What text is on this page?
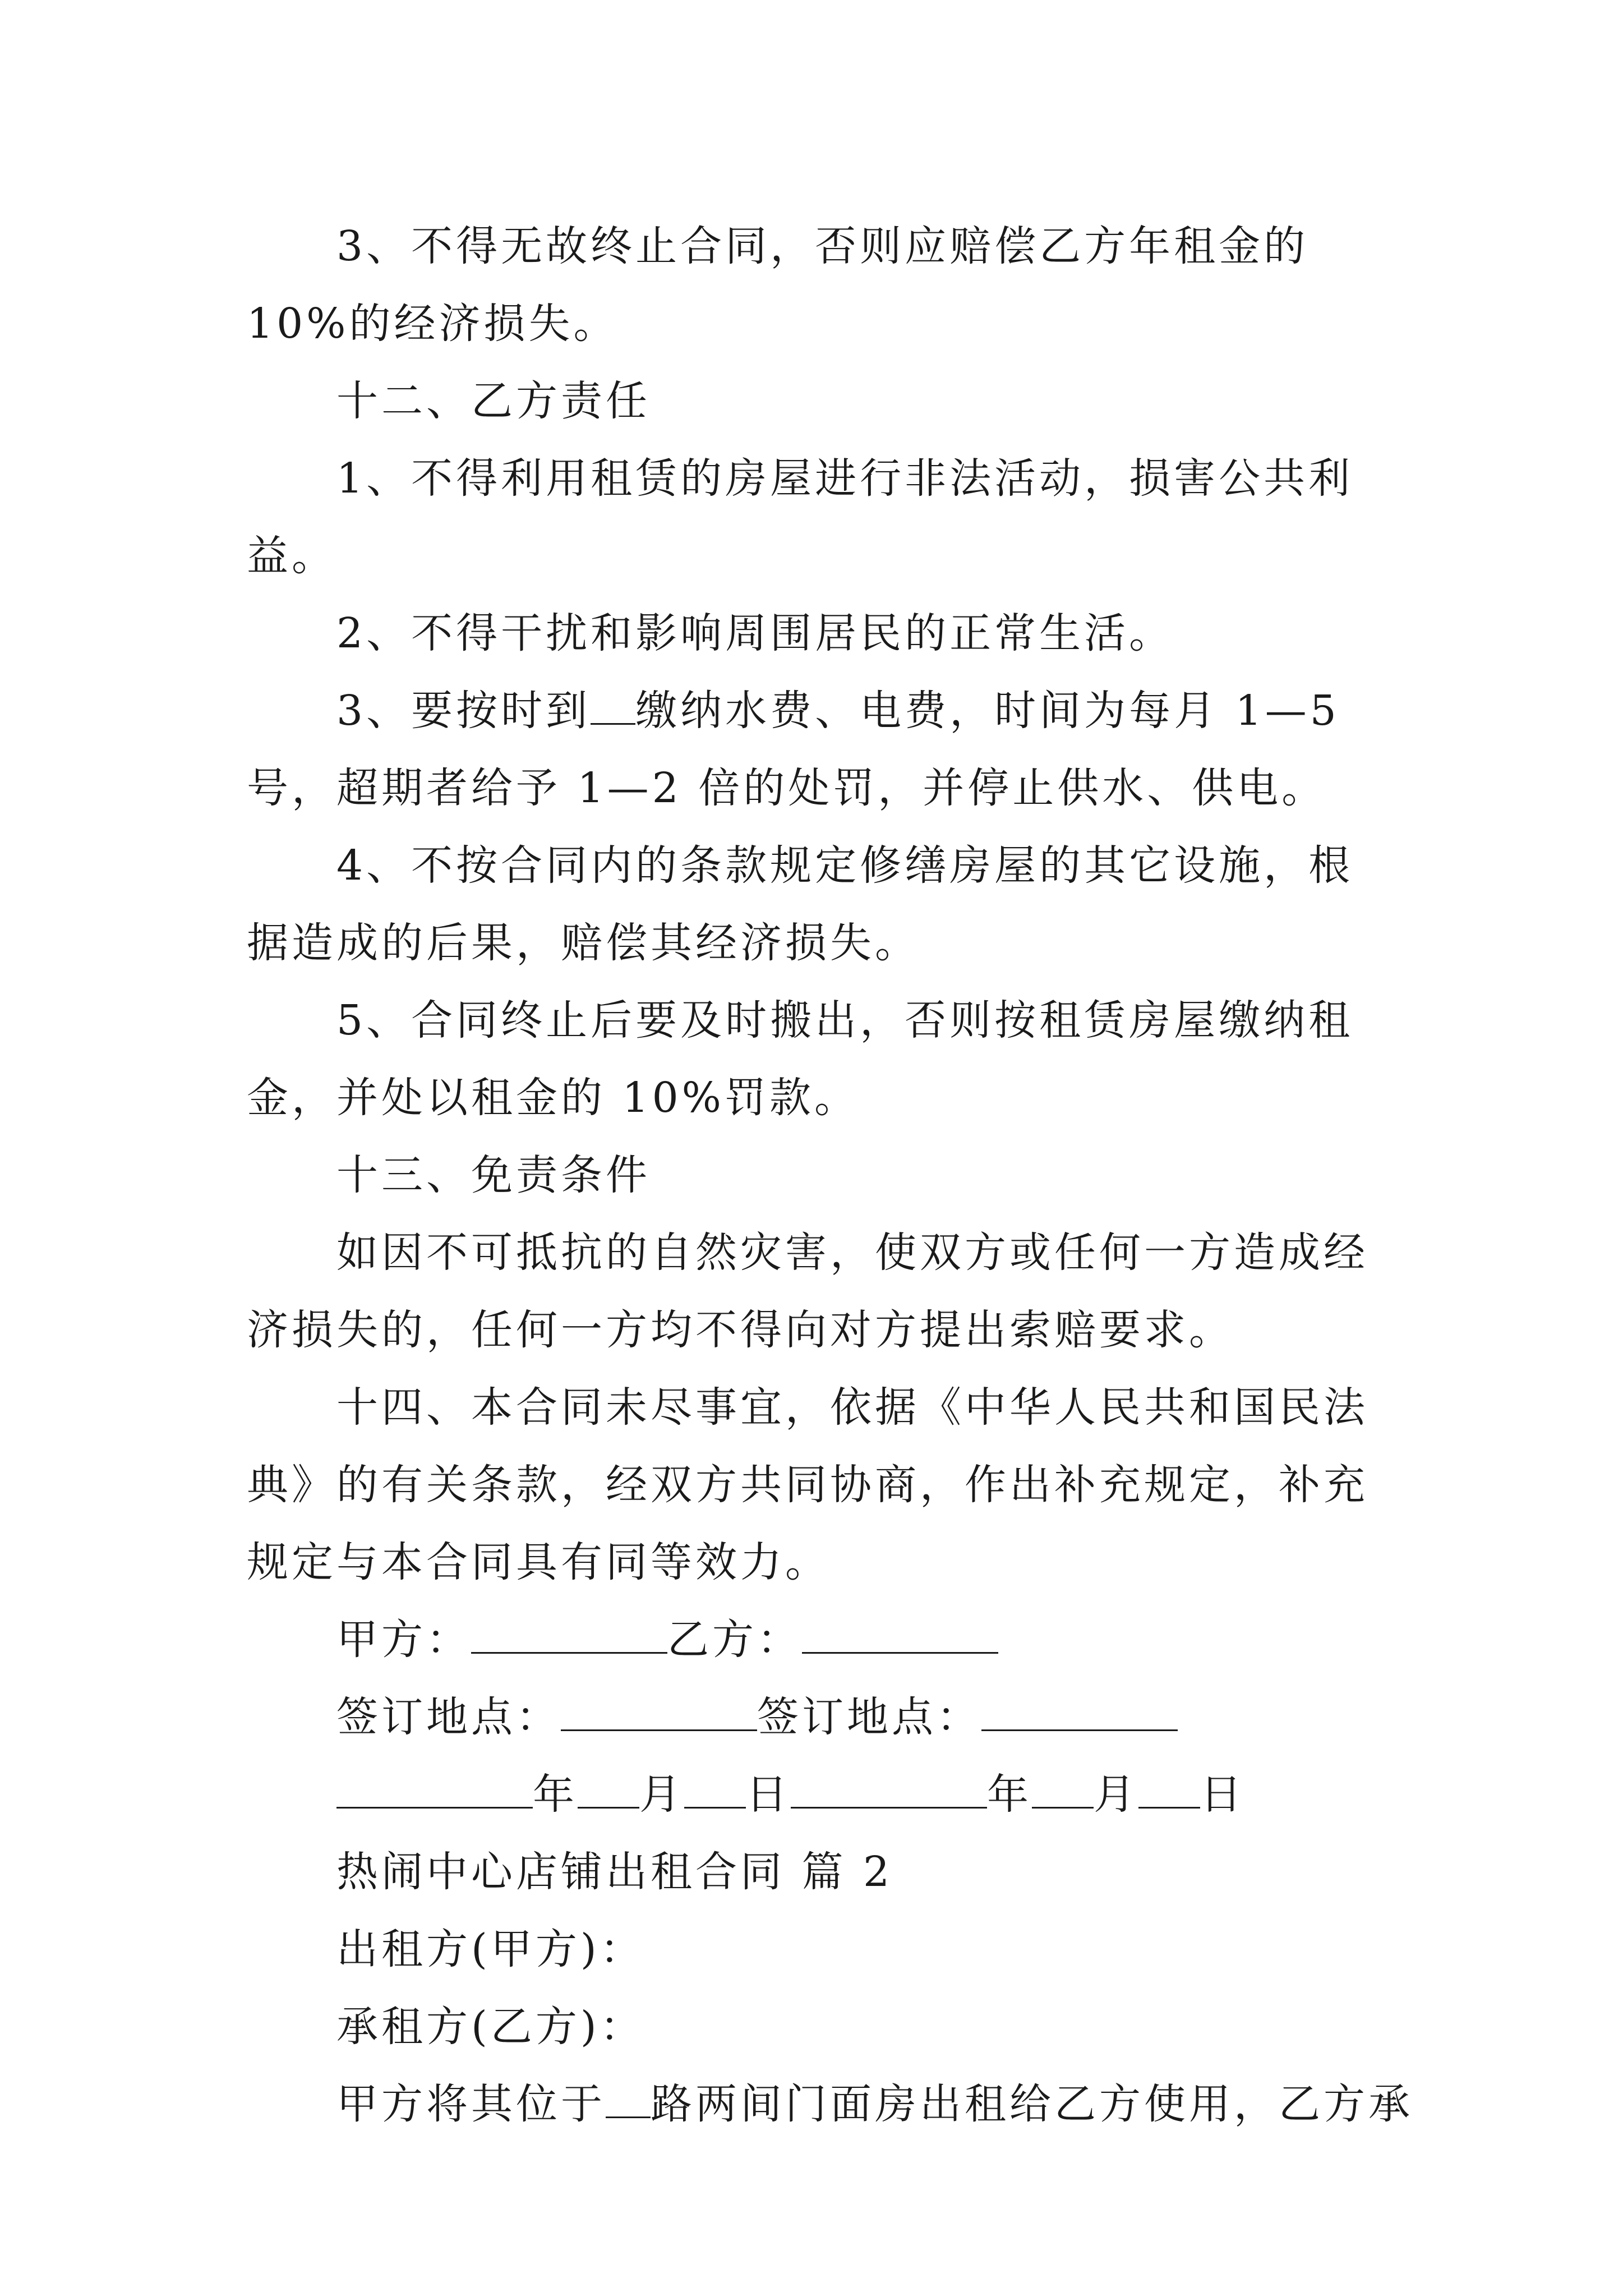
3、不得无故终止合同，否则应赔偿乙方年租金的 10%的经济损失。

十二、乙方责任

1、不得利用租赁的房屋进行非法活动，损害公共利益。

2、不得干扰和影响周围居民的正常生活。

3、要按时到 缴纳水费、电费，时间为每月 1—5 号，超期者给予 1—2 倍的处罚，并停止供水、供电。

4、不按合同内的条款规定修缮房屋的其它设施，根据造成的后果，赔偿其经济损失。

5、合同终止后要及时搬出，否则按租赁房屋缴纳租金，并处以租金的 10%罚款。

十三、免责条件

如因不可抵抗的自然灾害，使双方或任何一方造成经济损失的，任何一方均不得向对方提出索赔要求。

十四、本合同未尽事宜，依据《中华人民共和国民法典》的有关条款，经双方共同协商，作出补充规定，补充规定与本合同具有同等效力。

甲方：	乙方：

签订地点：	签订地点：

年 月 日	年 月 日

热闹中心店铺出租合同 篇 2

出租方(甲方)：

承租方(乙方)：

甲方将其位于 路两间门面房出租给乙方使用，乙方承
